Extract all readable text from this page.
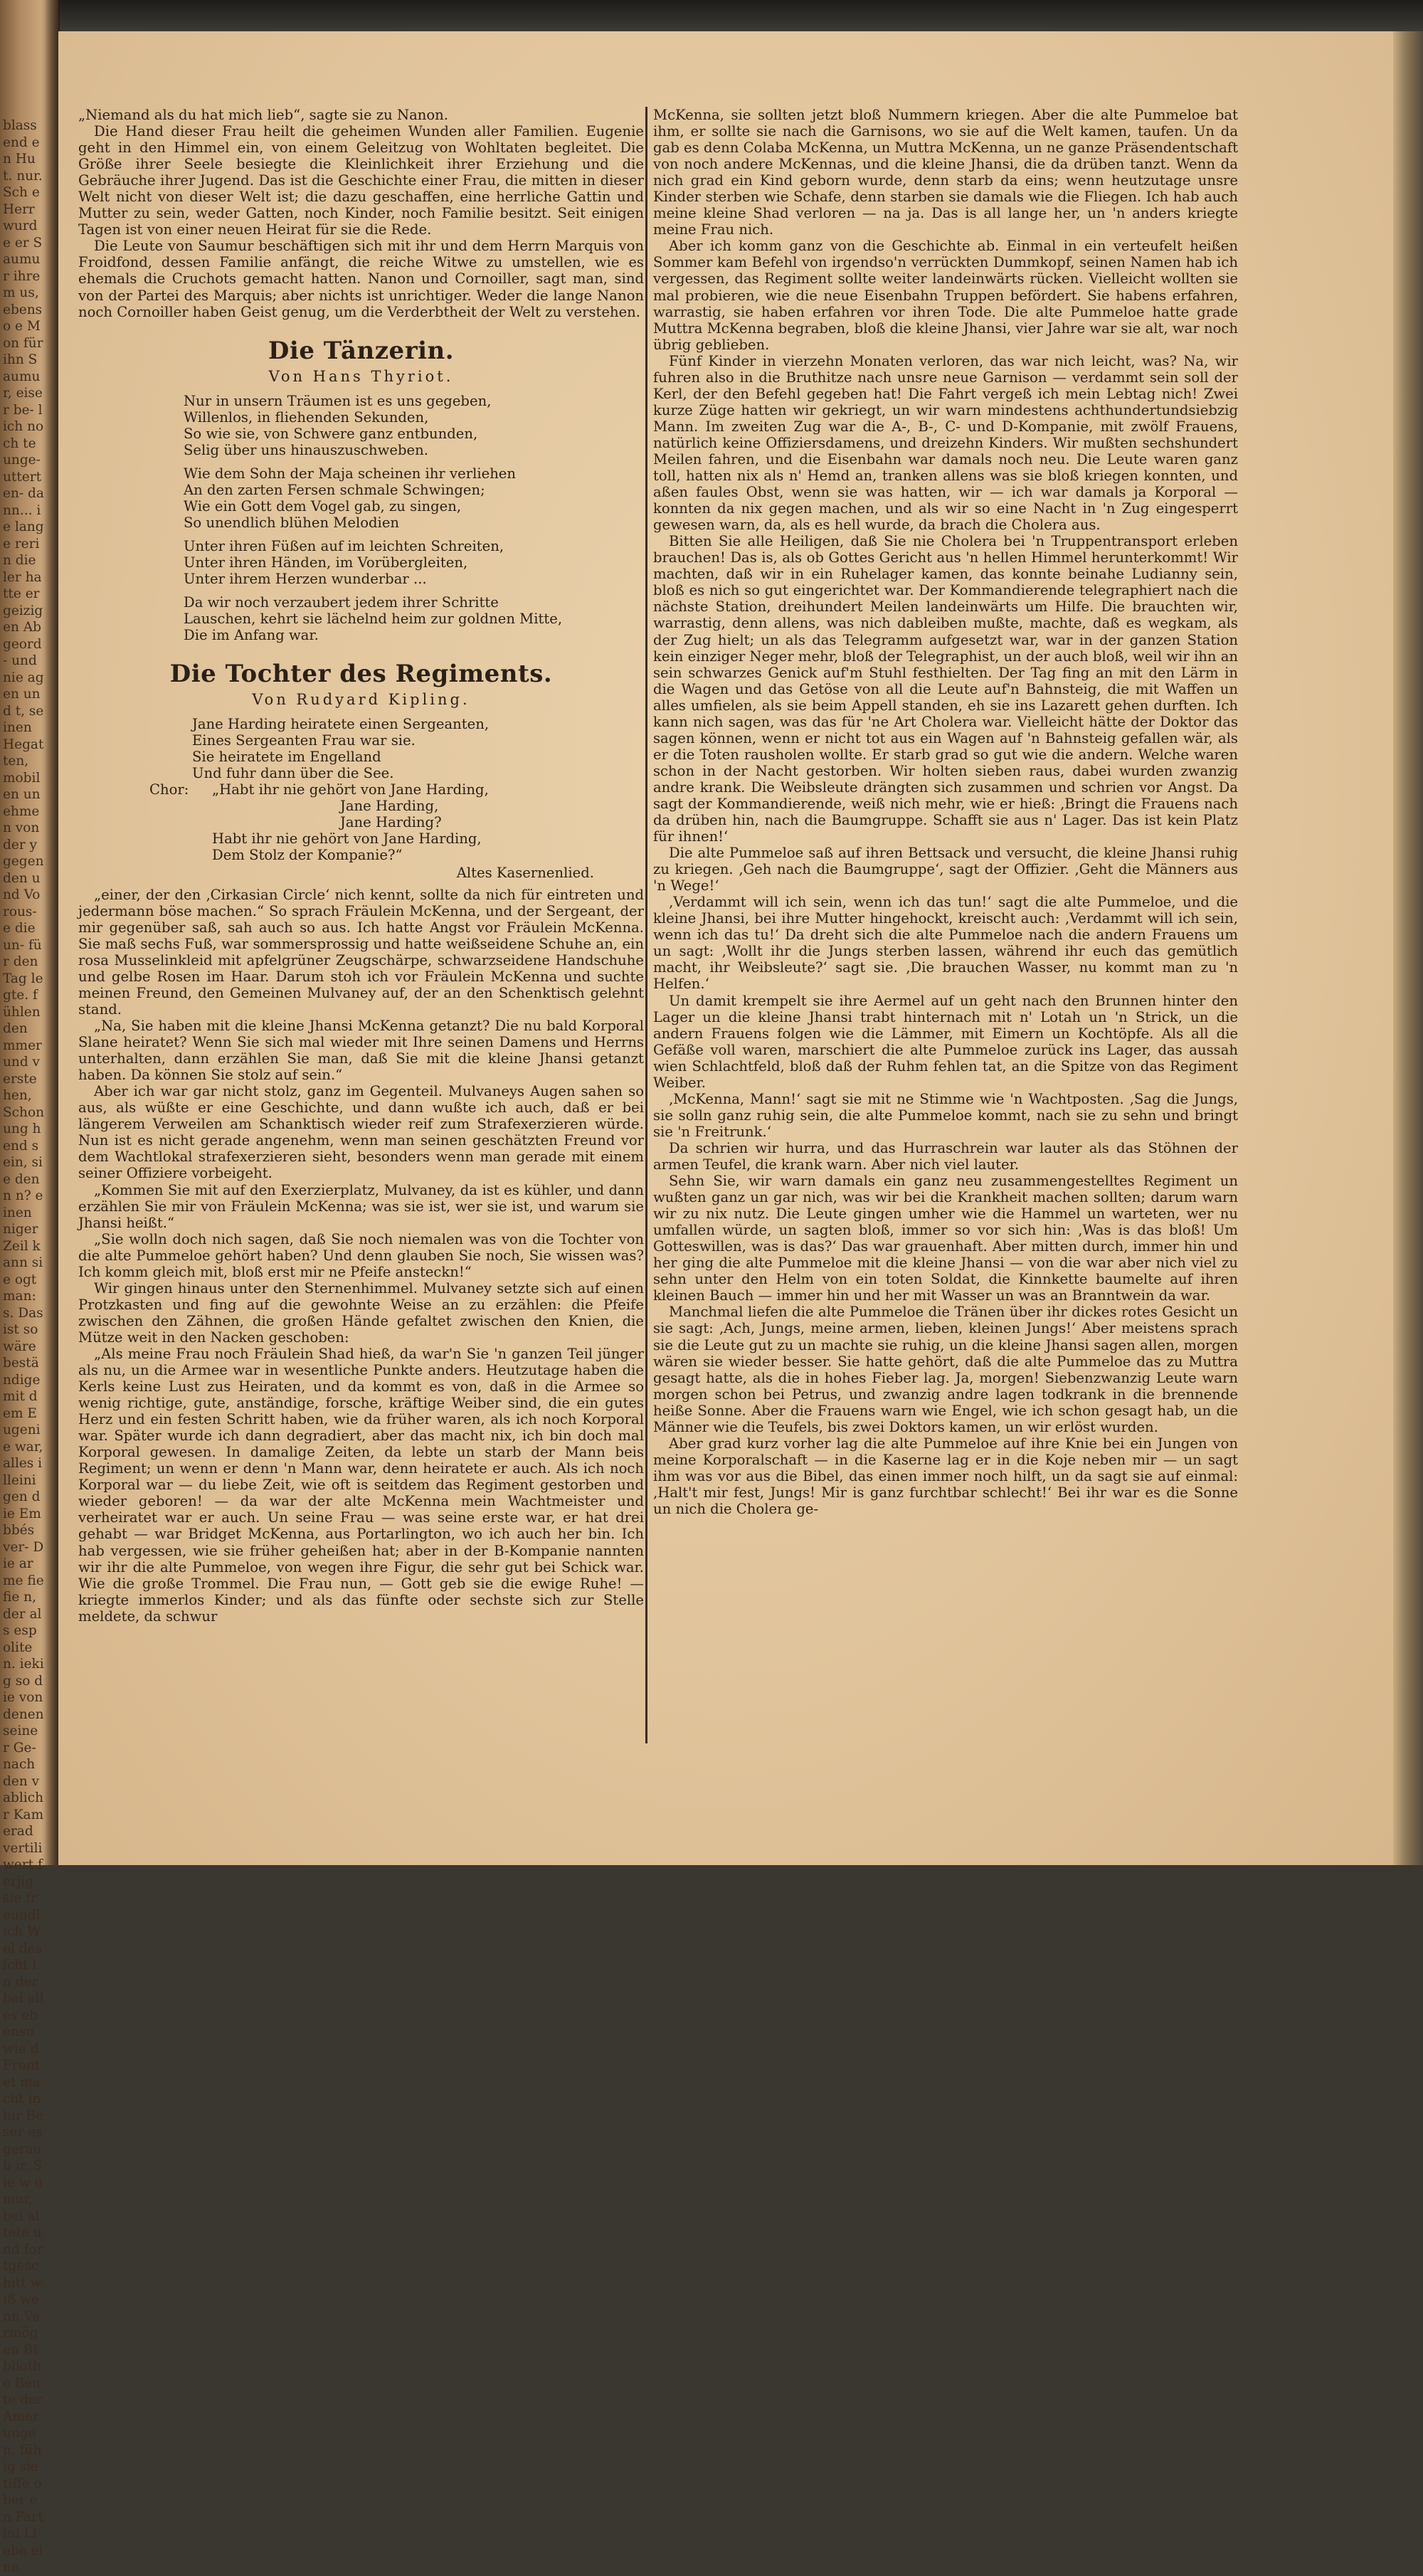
blassend en Hut. nur. Sch e Herr wurde er Saumur ihrem us, ebenso e Mon für ihn Saumur, eiser be- lich noch te unge- utterten- dann... ie lange rerin die ler hatte ergeizigen Abgeord- und nie agen und t, seinen Hegatten, mobilen unehmen von der y gegen den und Vorous- e die un- für den Tag legte. fühlenden mmer und verstehen, Schonung hend sein, sie denn n? einen niger Zeil kann sie ogt man: s. Das ist so wäre beständige mit dem Eugenie war, alles illeinigen die Em bbés ver- Die arme fie fie n, der als espoliten. iekig so die von denen seiner Ge- nach den vablich r Kamerad vertiliwert ferjig sie freundlich Wel des icht in der bei alles ebensowie d Frontet macht in hir Beser es geraub ir. Sie w umur, bei altete und fortgeschitt wiß wenn Vermögen Bibliothe Beute der Amerungen, fühig sie tiffe ober en Fartini Liebe eine

„Niemand als du hat mich lieb“, sagte sie zu Nanon.

Die Hand dieser Frau heilt die geheimen Wunden aller Familien. Eugenie geht in den Himmel ein, von einem Geleitzug von Wohltaten begleitet. Die Größe ihrer Seele besiegte die Kleinlichkeit ihrer Erziehung und die Gebräuche ihrer Jugend. Das ist die Geschichte einer Frau, die mitten in dieser Welt nicht von dieser Welt ist; die dazu geschaffen, eine herrliche Gattin und Mutter zu sein, weder Gatten, noch Kinder, noch Familie besitzt. Seit einigen Tagen ist von einer neuen Heirat für sie die Rede.

Die Leute von Saumur beschäftigen sich mit ihr und dem Herrn Marquis von Froidfond, dessen Familie anfängt, die reiche Witwe zu umstellen, wie es ehemals die Cruchots gemacht hatten. Nanon und Cornoiller, sagt man, sind von der Partei des Marquis; aber nichts ist unrichtiger. Weder die lange Nanon noch Cornoiller haben Geist genug, um die Verderbtheit der Welt zu verstehen.

Die Tänzerin.
Von Hans Thyriot.
Nur in unsern Träumen ist es uns gegeben,
Willenlos, in fliehenden Sekunden,
So wie sie, von Schwere ganz entbunden,
Selig über uns hinauszuschweben.
Wie dem Sohn der Maja scheinen ihr verliehen
An den zarten Fersen schmale Schwingen;
Wie ein Gott dem Vogel gab, zu singen,
So unendlich blühen Melodien
Unter ihren Füßen auf im leichten Schreiten,
Unter ihren Händen, im Vorübergleiten,
Unter ihrem Herzen wunderbar ...
Da wir noch verzaubert jedem ihrer Schritte
Lauschen, kehrt sie lächelnd heim zur goldnen Mitte,
Die im Anfang war.
Die Tochter des Regiments.
Von Rudyard Kipling.
Jane Harding heiratete einen Sergeanten,
Eines Sergeanten Frau war sie.
Sie heiratete im Engelland
Und fuhr dann über die See.
Chor: „Habt ihr nie gehört von Jane Harding,
Jane Harding,
Jane Harding?
Habt ihr nie gehört von Jane Harding,
Dem Stolz der Kompanie?“
Altes Kasernenlied.

„einer, der den ‚Cirkasian Circle‘ nich kennt, sollte da nich für eintreten und jedermann böse machen.“ So sprach Fräulein McKenna, und der Sergeant, der mir gegenüber saß, sah auch so aus. Ich hatte Angst vor Fräulein McKenna. Sie maß sechs Fuß, war sommersprossig und hatte weißseidene Schuhe an, ein rosa Musselinkleid mit apfelgrüner Zeugschärpe, schwarzseidene Handschuhe und gelbe Rosen im Haar. Darum stoh ich vor Fräulein McKenna und suchte meinen Freund, den Gemeinen Mulvaney auf, der an den Schenktisch gelehnt stand.

„Na, Sie haben mit die kleine Jhansi McKenna getanzt? Die nu bald Korporal Slane heiratet? Wenn Sie sich mal wieder mit Ihre seinen Damens und Herrns unterhalten, dann erzählen Sie man, daß Sie mit die kleine Jhansi getanzt haben. Da können Sie stolz auf sein.“

Aber ich war gar nicht stolz, ganz im Gegenteil. Mulvaneys Augen sahen so aus, als wüßte er eine Geschichte, und dann wußte ich auch, daß er bei längerem Verweilen am Schanktisch wieder reif zum Strafexerzieren würde. Nun ist es nicht gerade angenehm, wenn man seinen geschätzten Freund vor dem Wachtlokal strafexerzieren sieht, besonders wenn man gerade mit einem seiner Offiziere vorbeigeht.

„Kommen Sie mit auf den Exerzierplatz, Mulvaney, da ist es kühler, und dann erzählen Sie mir von Fräulein McKenna; was sie ist, wer sie ist, und warum sie Jhansi heißt.“

„Sie wolln doch nich sagen, daß Sie noch niemalen was von die Tochter von die alte Pummeloe gehört haben? Und denn glauben Sie noch, Sie wissen was? Ich komm gleich mit, bloß erst mir ne Pfeife ansteckn!“

Wir gingen hinaus unter den Sternenhimmel. Mulvaney setzte sich auf einen Protzkasten und fing auf die gewohnte Weise an zu erzählen: die Pfeife zwischen den Zähnen, die großen Hände gefaltet zwischen den Knien, die Mütze weit in den Nacken geschoben:

„Als meine Frau noch Fräulein Shad hieß, da war'n Sie 'n ganzen Teil jünger als nu, un die Armee war in wesentliche Punkte anders. Heutzutage haben die Kerls keine Lust zus Heiraten, und da kommt es von, daß in die Armee so wenig richtige, gute, anständige, forsche, kräftige Weiber sind, die ein gutes Herz und ein festen Schritt haben, wie da früher waren, als ich noch Korporal war. Später wurde ich dann degradiert, aber das macht nix, ich bin doch mal Korporal gewesen. In damalige Zeiten, da lebte un starb der Mann beis Regiment; un wenn er denn 'n Mann war, denn heiratete er auch. Als ich noch Korporal war — du liebe Zeit, wie oft is seitdem das Regiment gestorben und wieder geboren! — da war der alte McKenna mein Wachtmeister und verheiratet war er auch. Un seine Frau — was seine erste war, er hat drei gehabt — war Bridget McKenna, aus Portarlington, wo ich auch her bin. Ich hab vergessen, wie sie früher geheißen hat; aber in der B-Kompanie nannten wir ihr die alte Pummeloe, von wegen ihre Figur, die sehr gut bei Schick war. Wie die große Trommel. Die Frau nun, — Gott geb sie die ewige Ruhe! — kriegte immerlos Kinder; und als das fünfte oder sechste sich zur Stelle meldete, da schwur

McKenna, sie sollten jetzt bloß Nummern kriegen. Aber die alte Pummeloe bat ihm, er sollte sie nach die Garnisons, wo sie auf die Welt kamen, taufen. Un da gab es denn Colaba McKenna, un Muttra McKenna, un ne ganze Präsendentschaft von noch andere McKennas, und die kleine Jhansi, die da drüben tanzt. Wenn da nich grad ein Kind geborn wurde, denn starb da eins; wenn heutzutage unsre Kinder sterben wie Schafe, denn starben sie damals wie die Fliegen. Ich hab auch meine kleine Shad verloren — na ja. Das is all lange her, un 'n anders kriegte meine Frau nich.

Aber ich komm ganz von die Geschichte ab. Einmal in ein verteufelt heißen Sommer kam Befehl von irgendso'n verrückten Dummkopf, seinen Namen hab ich vergessen, das Regiment sollte weiter landeinwärts rücken. Vielleicht wollten sie mal probieren, wie die neue Eisenbahn Truppen befördert. Sie habens erfahren, warrastig, sie haben erfahren vor ihren Tode. Die alte Pummeloe hatte grade Muttra McKenna begraben, bloß die kleine Jhansi, vier Jahre war sie alt, war noch übrig geblieben.

Fünf Kinder in vierzehn Monaten verloren, das war nich leicht, was? Na, wir fuhren also in die Bruthitze nach unsre neue Garnison — verdammt sein soll der Kerl, der den Befehl gegeben hat! Die Fahrt vergeß ich mein Lebtag nich! Zwei kurze Züge hatten wir gekriegt, un wir warn mindestens achthundertundsiebzig Mann. Im zweiten Zug war die A-, B-, C- und D-Kompanie, mit zwölf Frauens, natürlich keine Offiziersdamens, und dreizehn Kinders. Wir mußten sechshundert Meilen fahren, und die Eisenbahn war damals noch neu. Die Leute waren ganz toll, hatten nix als n' Hemd an, tranken allens was sie bloß kriegen konnten, und aßen faules Obst, wenn sie was hatten, wir — ich war damals ja Korporal — konnten da nix gegen machen, und als wir so eine Nacht in 'n Zug eingesperrt gewesen warn, da, als es hell wurde, da brach die Cholera aus.

Bitten Sie alle Heiligen, daß Sie nie Cholera bei 'n Truppentransport erleben brauchen! Das is, als ob Gottes Gericht aus 'n hellen Himmel herunterkommt! Wir machten, daß wir in ein Ruhelager kamen, das konnte beinahe Ludianny sein, bloß es nich so gut eingerichtet war. Der Kommandierende telegraphiert nach die nächste Station, dreihundert Meilen landeinwärts um Hilfe. Die brauchten wir, warrastig, denn allens, was nich dableiben mußte, machte, daß es wegkam, als der Zug hielt; un als das Telegramm aufgesetzt war, war in der ganzen Station kein einziger Neger mehr, bloß der Telegraphist, un der auch bloß, weil wir ihn an sein schwarzes Genick auf'm Stuhl festhielten. Der Tag fing an mit den Lärm in die Wagen und das Getöse von all die Leute auf'n Bahnsteig, die mit Waffen un alles umfielen, als sie beim Appell standen, eh sie ins Lazarett gehen durften. Ich kann nich sagen, was das für 'ne Art Cholera war. Vielleicht hätte der Doktor das sagen können, wenn er nicht tot aus ein Wagen auf 'n Bahnsteig gefallen wär, als er die Toten rausholen wollte. Er starb grad so gut wie die andern. Welche waren schon in der Nacht gestorben. Wir holten sieben raus, dabei wurden zwanzig andre krank. Die Weibsleute drängten sich zusammen und schrien vor Angst. Da sagt der Kommandierende, weiß nich mehr, wie er hieß: ‚Bringt die Frauens nach da drüben hin, nach die Baumgruppe. Schafft sie aus n' Lager. Das ist kein Platz für ihnen!‘

Die alte Pummeloe saß auf ihren Bettsack und versucht, die kleine Jhansi ruhig zu kriegen. ‚Geh nach die Baumgruppe‘, sagt der Offizier. ‚Geht die Männers aus 'n Wege!‘

‚Verdammt will ich sein, wenn ich das tun!‘ sagt die alte Pummeloe, und die kleine Jhansi, bei ihre Mutter hingehockt, kreischt auch: ‚Verdammt will ich sein, wenn ich das tu!‘ Da dreht sich die alte Pummeloe nach die andern Frauens um un sagt: ‚Wollt ihr die Jungs sterben lassen, während ihr euch das gemütlich macht, ihr Weibsleute?‘ sagt sie. ‚Die brauchen Wasser, nu kommt man zu 'n Helfen.‘

Un damit krempelt sie ihre Aermel auf un geht nach den Brunnen hinter den Lager un die kleine Jhansi trabt hinternach mit n' Lotah un 'n Strick, un die andern Frauens folgen wie die Lämmer, mit Eimern un Kochtöpfe. Als all die Gefäße voll waren, marschiert die alte Pummeloe zurück ins Lager, das aussah wien Schlachtfeld, bloß daß der Ruhm fehlen tat, an die Spitze von das Regiment Weiber.

‚McKenna, Mann!‘ sagt sie mit ne Stimme wie 'n Wachtposten. ‚Sag die Jungs, sie solln ganz ruhig sein, die alte Pummeloe kommt, nach sie zu sehn und bringt sie 'n Freitrunk.‘

Da schrien wir hurra, und das Hurraschrein war lauter als das Stöhnen der armen Teufel, die krank warn. Aber nich viel lauter.

Sehn Sie, wir warn damals ein ganz neu zusammengestelltes Regiment un wußten ganz un gar nich, was wir bei die Krankheit machen sollten; darum warn wir zu nix nutz. Die Leute gingen umher wie die Hammel un warteten, wer nu umfallen würde, un sagten bloß, immer so vor sich hin: ‚Was is das bloß! Um Gotteswillen, was is das?‘ Das war grauenhaft. Aber mitten durch, immer hin und her ging die alte Pummeloe mit die kleine Jhansi — von die war aber nich viel zu sehn unter den Helm von ein toten Soldat, die Kinnkette baumelte auf ihren kleinen Bauch — immer hin und her mit Wasser un was an Branntwein da war.

Manchmal liefen die alte Pummeloe die Tränen über ihr dickes rotes Gesicht un sie sagt: ‚Ach, Jungs, meine armen, lieben, kleinen Jungs!‘ Aber meistens sprach sie die Leute gut zu un machte sie ruhig, un die kleine Jhansi sagen allen, morgen wären sie wieder besser. Sie hatte gehört, daß die alte Pummeloe das zu Muttra gesagt hatte, als die in hohes Fieber lag. Ja, morgen! Siebenzwanzig Leute warn morgen schon bei Petrus, und zwanzig andre lagen todkrank in die brennende heiße Sonne. Aber die Frauens warn wie Engel, wie ich schon gesagt hab, un die Männer wie die Teufels, bis zwei Doktors kamen, un wir erlöst wurden.

Aber grad kurz vorher lag die alte Pummeloe auf ihre Knie bei ein Jungen von meine Korporalschaft — in die Kaserne lag er in die Koje neben mir — un sagt ihm was vor aus die Bibel, das einen immer noch hilft, un da sagt sie auf einmal: ‚Halt't mir fest, Jungs! Mir is ganz furchtbar schlecht!‘ Bei ihr war es die Sonne un nich die Cholera ge-
